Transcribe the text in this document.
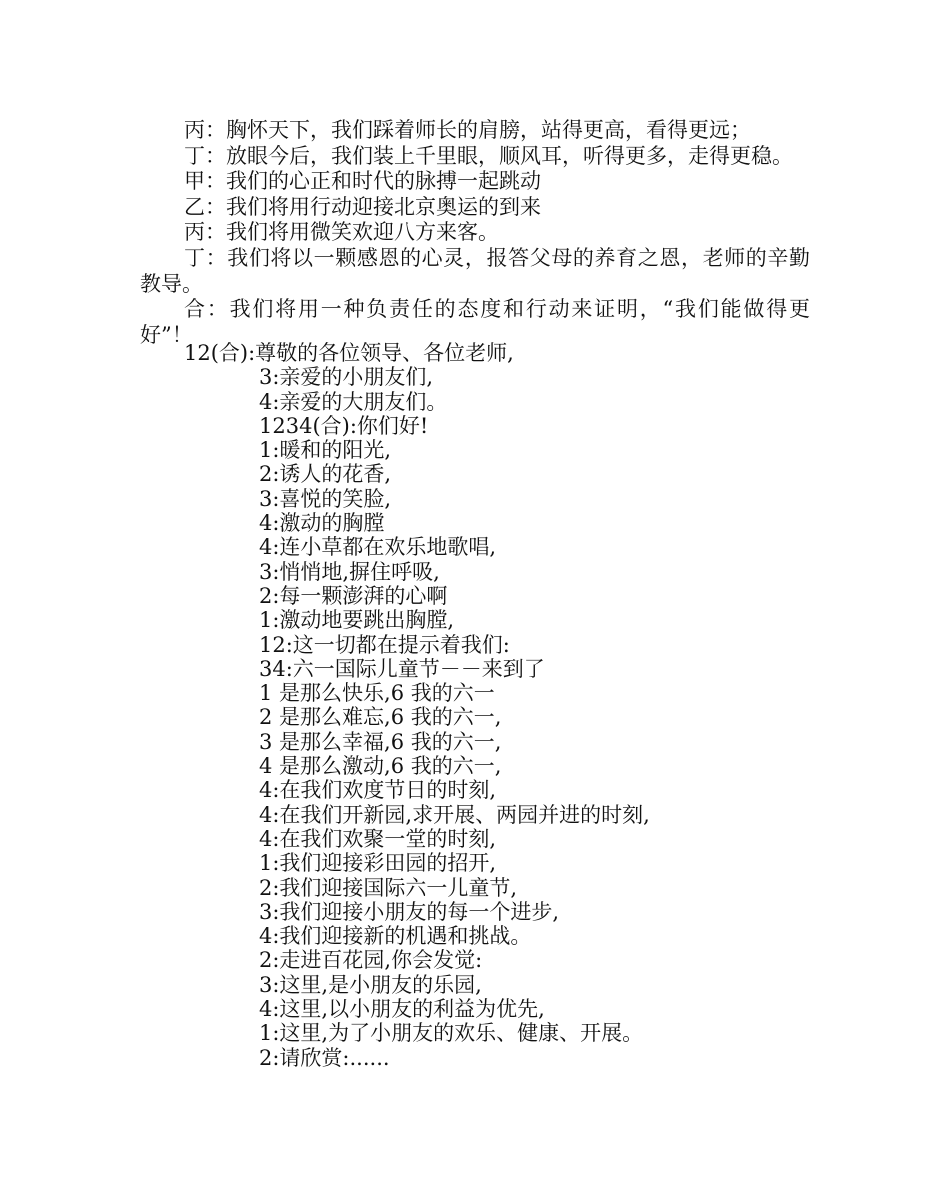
丙：胸怀天下，我们踩着师长的肩膀，站得更高，看得更远；

丁：放眼今后，我们装上千里眼，顺风耳，听得更多，走得更稳。

甲：我们的心正和时代的脉搏一起跳动

乙：我们将用行动迎接北京奥运的到来

丙：我们将用微笑欢迎八方来客。

丁：我们将以一颗感恩的心灵，报答父母的养育之恩，老师的辛勤教导。

合：我们将用一种负责任的态度和行动来证明，“我们能做得更好”！

12(合):尊敬的各位领导、各位老师,
3:亲爱的小朋友们,
4:亲爱的大朋友们。
1234(合):你们好!
1:暖和的阳光,
2:诱人的花香,
3:喜悦的笑脸,
4:激动的胸膛
4:连小草都在欢乐地歌唱,
3:悄悄地,摒住呼吸,
2:每一颗澎湃的心啊
1:激动地要跳出胸膛,
12:这一切都在提示着我们:
34:六一国际儿童节－－来到了
1 是那么快乐,6 我的六一
2 是那么难忘,6 我的六一,
3 是那么幸福,6 我的六一,
4 是那么激动,6 我的六一,
4:在我们欢度节日的时刻,
4:在我们开新园,求开展、两园并进的时刻,
4:在我们欢聚一堂的时刻,
1:我们迎接彩田园的招开,
2:我们迎接国际六一儿童节,
3:我们迎接小朋友的每一个进步,
4:我们迎接新的机遇和挑战。
2:走进百花园,你会发觉:
3:这里,是小朋友的乐园,
4:这里,以小朋友的利益为优先,
1:这里,为了小朋友的欢乐、健康、开展。
2:请欣赏:......
